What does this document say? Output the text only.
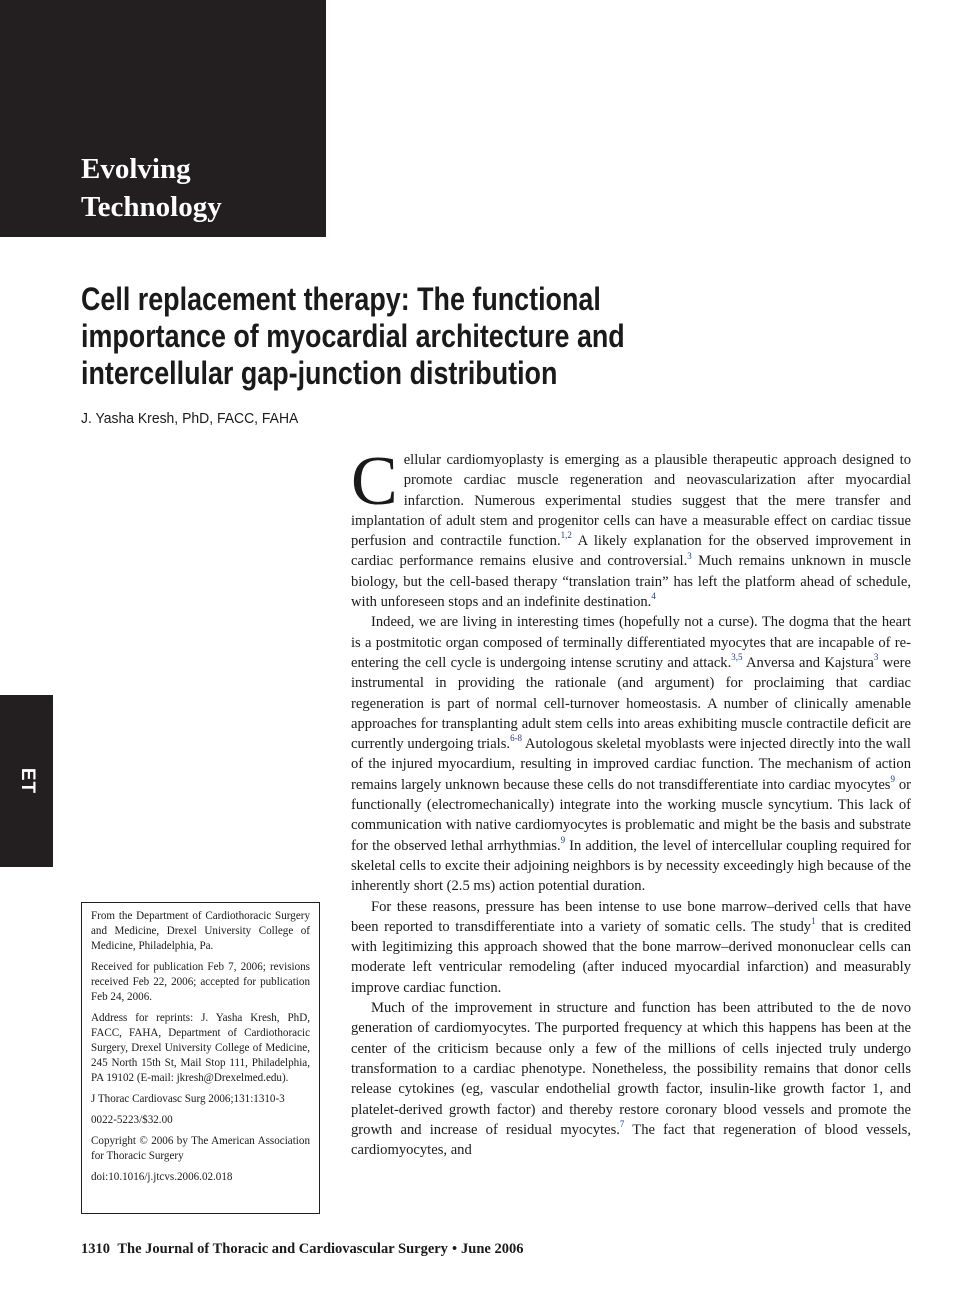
Evolving
Technology
ET
Cell replacement therapy: The functional importance of myocardial architecture and intercellular gap-junction distribution

J. Yasha Kresh, PhD, FACC, FAHA

Cellular cardiomyoplasty is emerging as a plausible therapeutic approach designed to promote cardiac muscle regeneration and neovascularization after myocardial infarction. Numerous experimental studies suggest that the mere transfer and implantation of adult stem and progenitor cells can have a measurable effect on cardiac tissue perfusion and contractile function.$^{1,2}$ A likely explanation for the observed improvement in cardiac performance remains elusive and controversial.$^3$ Much remains unknown in muscle biology, but the cell-based therapy “translation train” has left the platform ahead of schedule, with unforeseen stops and an indefinite destination.$^4$

Indeed, we are living in interesting times (hopefully not a curse). The dogma that the heart is a postmitotic organ composed of terminally differentiated myocytes that are incapable of re-entering the cell cycle is undergoing intense scrutiny and attack.$^{3,5}$ Anversa and Kajstura$^3$ were instrumental in providing the rationale (and argument) for proclaiming that cardiac regeneration is part of normal cell-turnover homeostasis. A number of clinically amenable approaches for transplanting adult stem cells into areas exhibiting muscle contractile deficit are currently undergoing trials.$^{6-8}$ Autologous skeletal myoblasts were injected directly into the wall of the injured myocardium, resulting in improved cardiac function. The mechanism of action remains largely unknown because these cells do not transdifferentiate into cardiac myocytes$^9$ or functionally (electromechanically) integrate into the working muscle syncytium. This lack of communication with native cardiomyocytes is problematic and might be the basis and substrate for the observed lethal arrhythmias.$^9$ In addition, the level of intercellular coupling required for skeletal cells to excite their adjoining neighbors is by necessity exceedingly high because of the inherently short (2.5 ms) action potential duration.

For these reasons, pressure has been intense to use bone marrow–derived cells that have been reported to transdifferentiate into a variety of somatic cells. The study$^1$ that is credited with legitimizing this approach showed that the bone marrow–derived mononuclear cells can moderate left ventricular remodeling (after induced myocardial infarction) and measurably improve cardiac function.

Much of the improvement in structure and function has been attributed to the de novo generation of cardiomyocytes. The purported frequency at which this happens has been at the center of the criticism because only a few of the millions of cells injected truly undergo transformation to a cardiac phenotype. Nonetheless, the possibility remains that donor cells release cytokines (eg, vascular endothelial growth factor, insulin-like growth factor 1, and platelet-derived growth factor) and thereby restore coronary blood vessels and promote the growth and increase of residual myocytes.$^7$ The fact that regeneration of blood vessels, cardiomyocytes, and

From the Department of Cardiothoracic Surgery and Medicine, Drexel University College of Medicine, Philadelphia, Pa.

Received for publication Feb 7, 2006; revisions received Feb 22, 2006; accepted for publication Feb 24, 2006.

Address for reprints: J. Yasha Kresh, PhD, FACC, FAHA, Department of Cardiothoracic Surgery, Drexel University College of Medicine, 245 North 15th St, Mail Stop 111, Philadelphia, PA 19102 (E-mail: jkresh@Drexelmed.edu).

J Thorac Cardiovasc Surg 2006;131:1310-3

0022-5223/$32.00

Copyright © 2006 by The American Association for Thoracic Surgery

doi:10.1016/j.jtcvs.2006.02.018

1310 The Journal of Thoracic and Cardiovascular Surgery • June 2006
